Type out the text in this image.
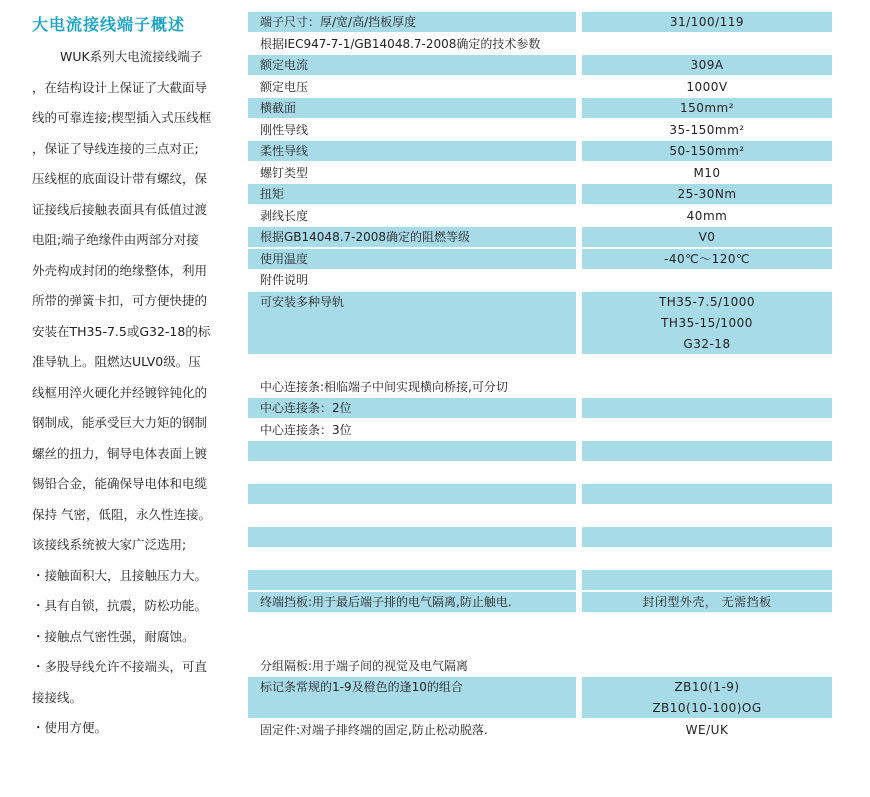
大电流接线端子概述

WUK系列大电流接线端子

，在结构设计上保证了大截面导

线的可靠连接;楔型插入式压线框

，保证了导线连接的三点对正;

压线框的底面设计带有螺纹，保

证接线后接触表面具有低值过渡

电阻;端子绝缘件由两部分对接

外壳构成封闭的绝缘整体，利用

所带的弹簧卡扣，可方便快捷的

安装在TH35-7.5或G32-18的标

准导轨上。阻燃达ULV0级。压

线框用淬火硬化并经镀锌钝化的

钢制成，能承受巨大力矩的钢制

螺丝的扭力，铜导电体表面上镀

锡铅合金，能确保导电体和电缆

保持 气密，低阻，永久性连接。

该接线系统被大家广泛选用;

・接触面积大，且接触压力大。

・具有自锁，抗震，防松功能。

・接触点气密性强，耐腐蚀。

・多股导线允许不接端头，可直

接接线。

・使用方便。

端子尺寸：厚/宽/高/挡板厚度	31/100/119
根据IEC947-7-1/GB14048.7-2008确定的技术参数
额定电流	309A
额定电压	1000V
横截面	150mm²
刚性导线	35-150mm²
柔性导线	50-150mm²
螺钉类型	M10
扭矩	25-30Nm
剥线长度	40mm
根据GB14048.7-2008确定的阻燃等级	V0
使用温度	-40℃～120℃
附件说明
可安装多种导轨	TH35-7.5/1000
TH35-15/1000
G32-18
中心连接条:相临端子中间实现横向桥接,可分切
中心连接条：2位
中心连接条：3位
终端挡板:用于最后端子排的电气隔离,防止触电.	封闭型外壳， 无需挡板
分组隔板:用于端子间的视觉及电气隔离
标记条常规的1-9及橙色的逢10的组合	ZB10(1-9)
ZB10(10-100)OG
固定件:对端子排终端的固定,防止松动脱落.	WE/UK
